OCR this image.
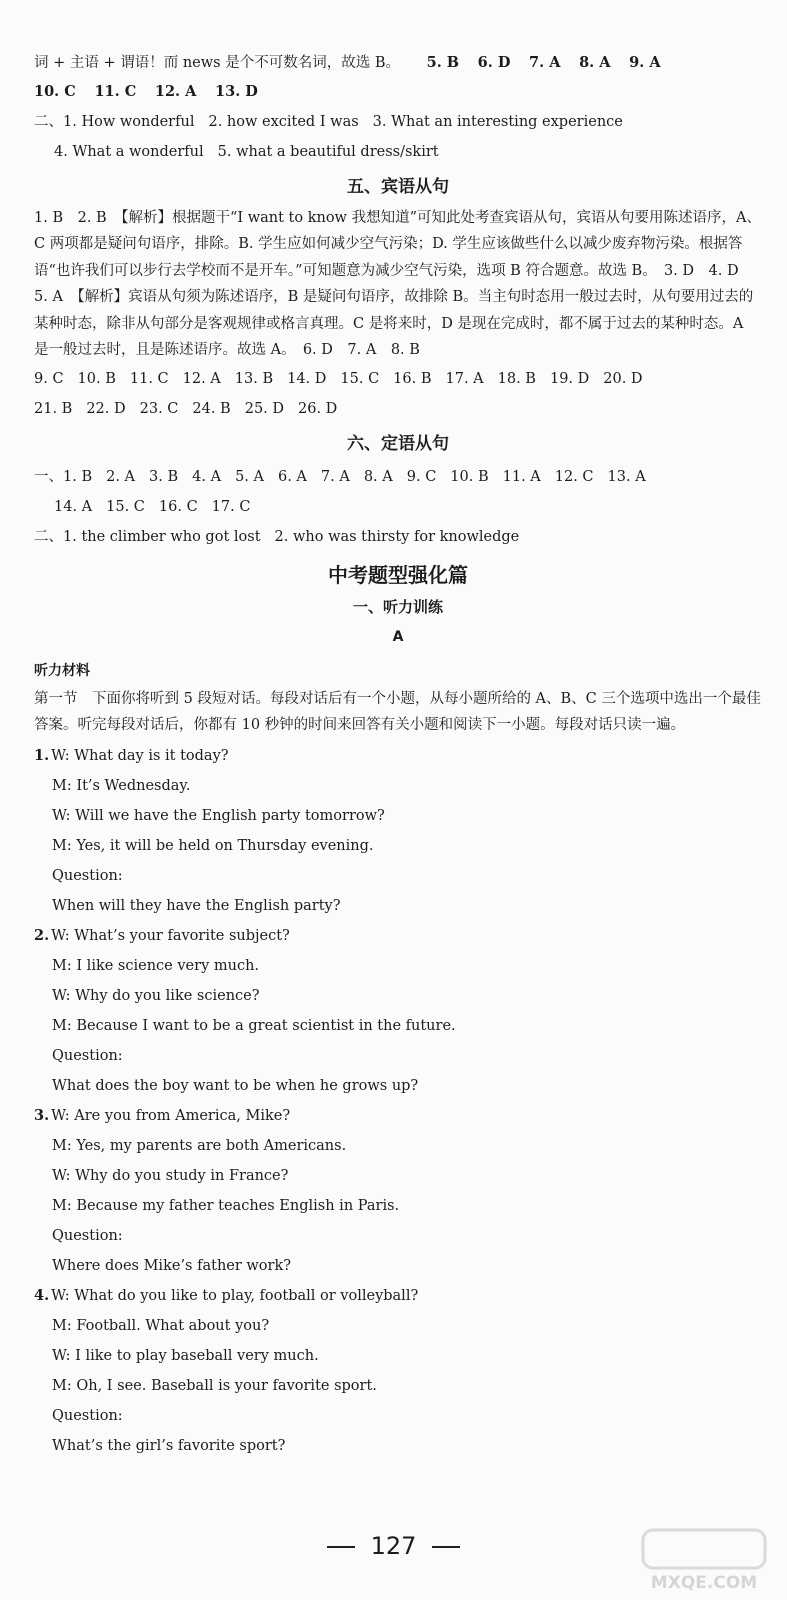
词 + 主语 + 谓语！而 news 是个不可数名词，故选 B。 5. B 6. D 7. A 8. A 9. A

10. C 11. C 12. A 13. D

二、1. How wonderful 2. how excited I was 3. What an interesting experience

4. What a wonderful 5. what a beautiful dress/skirt

五、宾语从句

1. B　2. B　【解析】根据题干“I want to know 我想知道”可知此处考查宾语从句，宾语从句要用陈述语序，A、C 两项都是疑问句语序，排除。B. 学生应如何减少空气污染；D. 学生应该做些什么以减少废弃物污染。根据答语“也许我们可以步行去学校而不是开车。”可知题意为减少空气污染，选项 B 符合题意。故选 B。　3. D　4. D　5. A　【解析】宾语从句须为陈述语序，B 是疑问句语序，故排除 B。当主句时态用一般过去时，从句要用过去的某种时态，除非从句部分是客观规律或格言真理。C 是将来时，D 是现在完成时，都不属于过去的某种时态。A 是一般过去时，且是陈述语序。故选 A。　6. D　7. A　8. B

9. C 10. B 11. C 12. A 13. B 14. D 15. C 16. B 17. A 18. B 19. D 20. D

21. B 22. D 23. C 24. B 25. D 26. D

六、定语从句

一、1. B 2. A 3. B 4. A 5. A 6. A 7. A 8. A 9. C 10. B 11. A 12. C 13. A

14. A 15. C 16. C 17. C

二、1. the climber who got lost 2. who was thirsty for knowledge

中考题型强化篇
一、听力训练
A
听力材料

第一节　下面你将听到 5 段短对话。每段对话后有一个小题，从每小题所给的 A、B、C 三个选项中选出一个最佳答案。听完每段对话后，你都有 10 秒钟的时间来回答有关小题和阅读下一小题。每段对话只读一遍。

1. W: What day is it today?
M: It’s Wednesday.
W: Will we have the English party tomorrow?
M: Yes, it will be held on Thursday evening.
Question:
When will they have the English party?
2. W: What’s your favorite subject?
M: I like science very much.
W: Why do you like science?
M: Because I want to be a great scientist in the future.
Question:
What does the boy want to be when he grows up?
3. W: Are you from America, Mike?
M: Yes, my parents are both Americans.
W: Why do you study in France?
M: Because my father teaches English in Paris.
Question:
Where does Mike’s father work?
4. W: What do you like to play, football or volleyball?
M: Football. What about you?
W: I like to play baseball very much.
M: Oh, I see. Baseball is your favorite sport.
Question:
What’s the girl’s favorite sport?
127
MXQE.COM
